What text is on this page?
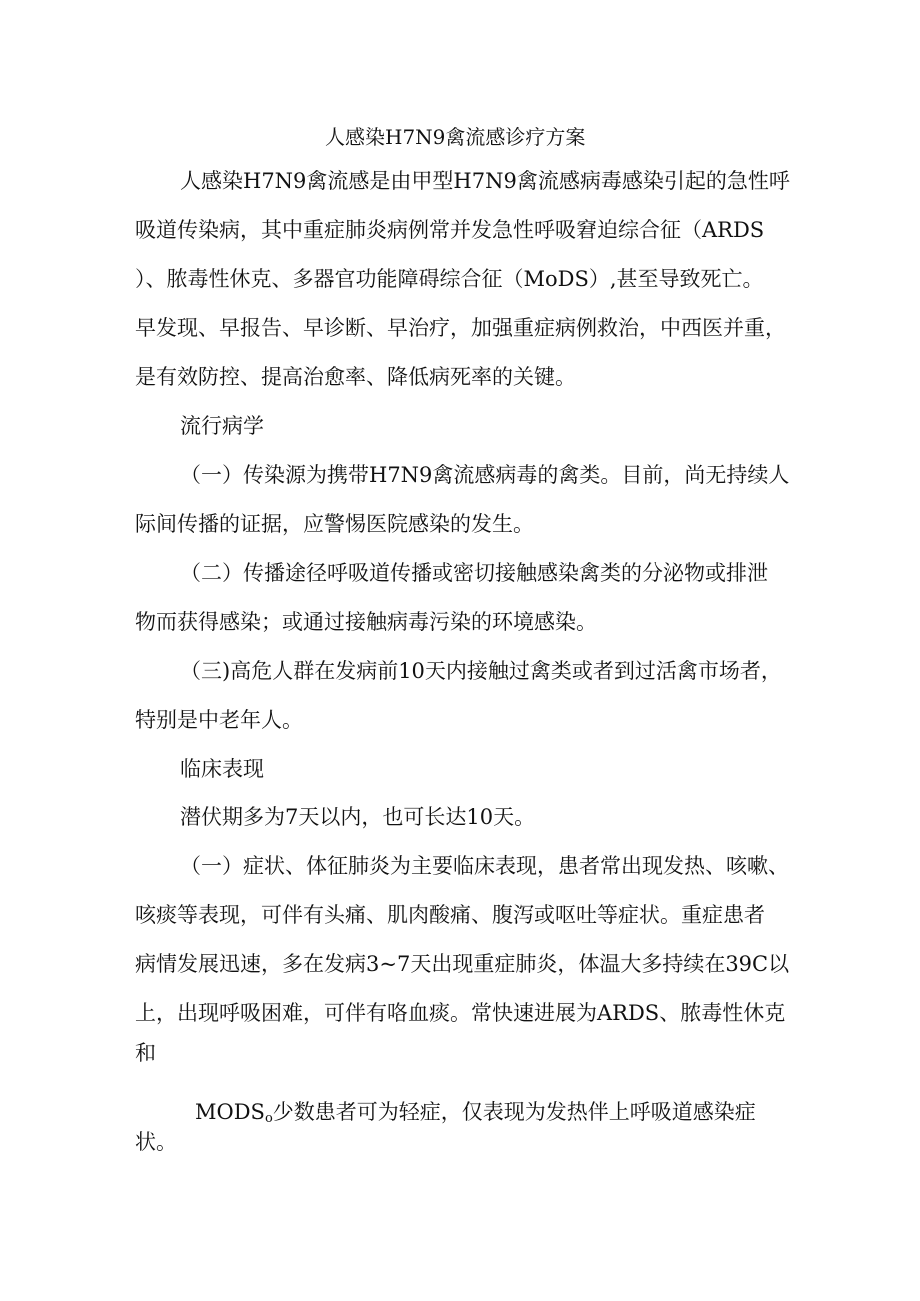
人感染H7N9禽流感诊疗方案

人感染H7N9禽流感是由甲型H7N9禽流感病毒感染引起的急性呼

吸道传染病，其中重症肺炎病例常并发急性呼吸窘迫综合征（ARDS

）、脓毒性休克、多器官功能障碍综合征（MoDS）,甚至导致死亡。

早发现、早报告、早诊断、早治疗，加强重症病例救治，中西医并重，

是有效防控、提高治愈率、降低病死率的关键。

流行病学

（一）传染源为携带H7N9禽流感病毒的禽类。目前，尚无持续人

际间传播的证据，应警惕医院感染的发生。

（二）传播途径呼吸道传播或密切接触感染禽类的分泌物或排泄

物而获得感染；或通过接触病毒污染的环境感染。

（三)高危人群在发病前10天内接触过禽类或者到过活禽市场者，

特别是中老年人。

临床表现

潜伏期多为7天以内，也可长达10天。

（一）症状、体征肺炎为主要临床表现，患者常出现发热、咳嗽、

咳痰等表现，可伴有头痛、肌肉酸痛、腹泻或呕吐等症状。重症患者

病情发展迅速，多在发病3~7天出现重症肺炎，体温大多持续在39C以

上，出现呼吸困难，可伴有咯血痰。常快速进展为ARDS、脓毒性休克

和

$MODS_o$少数患者可为轻症，仅表现为发热伴上呼吸道感染症

状。
